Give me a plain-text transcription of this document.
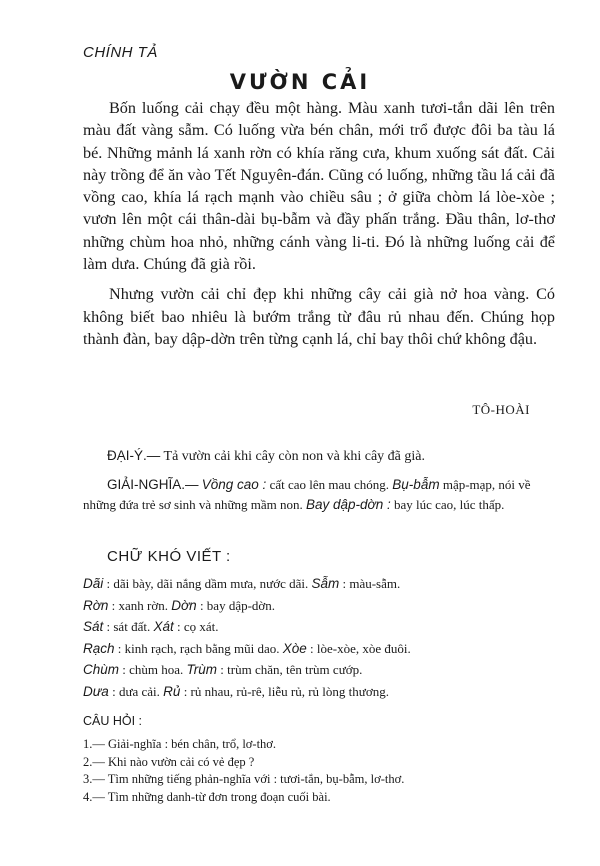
CHÍNH TẢ
VƯỜN CẢI

Bốn luống cải chạy đều một hàng. Màu xanh tươi-tắn dãi lên trên màu đất vàng sẫm. Có luống vừa bén chân, mới trổ được đôi ba tàu lá bé. Những mảnh lá xanh rờn có khía răng cưa, khum xuống sát đất. Cải này trồng để ăn vào Tết Nguyên-đán. Cũng có luống, những tầu lá cải đã vồng cao, khía lá rạch mạnh vào chiều sâu ; ở giữa chòm lá lòe-xòe ; vươn lên một cái thân-dài bụ-bẫm và đầy phấn trắng. Đầu thân, lơ-thơ những chùm hoa nhỏ, những cánh vàng li-ti. Đó là những luống cải để làm dưa. Chúng đã già rồi.

Nhưng vườn cải chỉ đẹp khi những cây cải già nở hoa vàng. Có không biết bao nhiêu là bướm trắng từ đâu rủ nhau đến. Chúng họp thành đàn, bay dập-dờn trên từng cạnh lá, chỉ bay thôi chứ không đậu.

TÔ-HOÀI
ĐẠI-Ý.— Tả vườn cải khi cây còn non và khi cây đã già.
GIẢI-NGHĨA.— Vồng cao : cất cao lên mau chóng. Bụ-bẫm mập-mạp, nói về những đứa trẻ sơ sinh và những mầm non. Bay dập-dờn : bay lúc cao, lúc thấp.
CHỮ KHÓ VIẾT :
Dãi : dãi bày, dãi nắng dầm mưa, nước dãi. Sẫm : màu-sẫm.
Rờn : xanh rờn. Dờn : bay dập-dờn.
Sát : sát đất. Xát : cọ xát.
Rạch : kinh rạch, rạch bằng mũi dao. Xòe : lòe-xòe, xòe đuôi.
Chùm : chùm hoa. Trùm : trùm chăn, tên trùm cướp.
Dưa : dưa cải. Rủ : rủ nhau, rủ-rê, liễu rủ, rủ lòng thương.
CÂU HỎI :
1.— Giải-nghĩa : bén chân, trổ, lơ-thơ.
2.— Khi nào vườn cải có vẻ đẹp ?
3.— Tìm những tiếng phản-nghĩa với : tươi-tắn, bụ-bẫm, lơ-thơ.
4.— Tìm những danh-từ đơn trong đoạn cuối bài.
